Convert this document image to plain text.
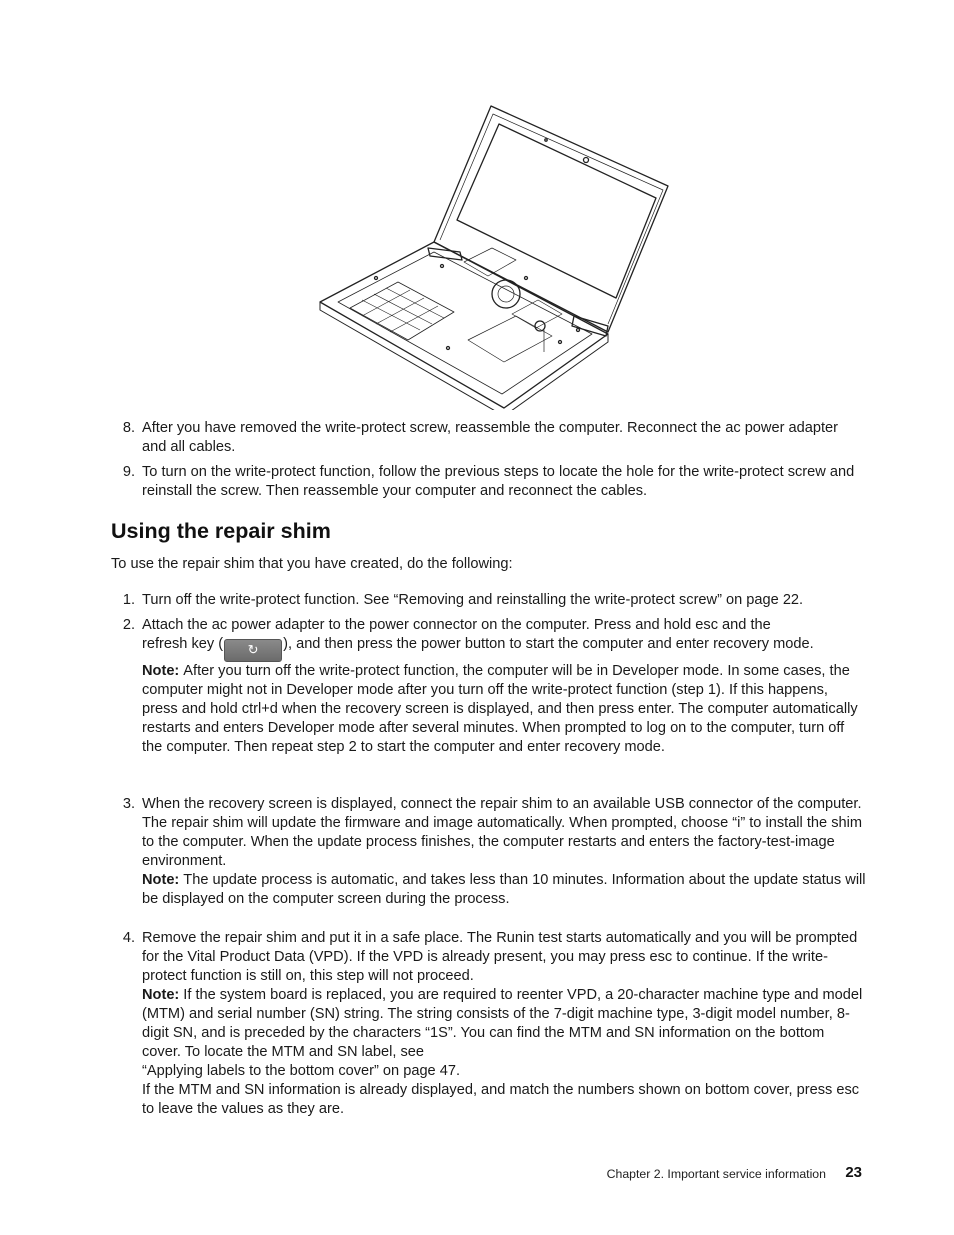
8. After you have removed the write-protect screw, reassemble the computer. Reconnect the ac power adapter and all cables.

9. To turn on the write-protect function, follow the previous steps to locate the hole for the write-protect screw and reinstall the screw. Then reassemble your computer and reconnect the cables.

Using the repair shim

To use the repair shim that you have created, do the following:

1. Turn off the write-protect function. See “Removing and reinstalling the write-protect screw” on page 22.

2. Attach the ac power adapter to the power connector on the computer. Press and hold esc and the

refresh key ( ↻ ), and then press the power button to start the computer and enter recovery mode.

Note: After you turn off the write-protect function, the computer will be in Developer mode. In some cases, the computer might not in Developer mode after you turn off the write-protect function (step 1). If this happens, press and hold ctrl+d when the recovery screen is displayed, and then press enter. The computer automatically restarts and enters Developer mode after several minutes. When prompted to log on to the computer, turn off the computer. Then repeat step 2 to start the computer and enter recovery mode.

3. When the recovery screen is displayed, connect the repair shim to an available USB connector of the computer. The repair shim will update the firmware and image automatically. When prompted, choose “i” to install the shim to the computer. When the update process finishes, the computer restarts and enters the factory-test-image environment.

Note: The update process is automatic, and takes less than 10 minutes. Information about the update status will be displayed on the computer screen during the process.

4. Remove the repair shim and put it in a safe place. The Runin test starts automatically and you will be prompted for the Vital Product Data (VPD). If the VPD is already present, you may press esc to continue. If the write-protect function is still on, this step will not proceed.

Note: If the system board is replaced, you are required to reenter VPD, a 20-character machine type and model (MTM) and serial number (SN) string. The string consists of the 7-digit machine type, 3-digit model number, 8-digit SN, and is preceded by the characters “1S”. You can find the MTM and SN information on the bottom cover. To locate the MTM and SN label, see

“Applying labels to the bottom cover” on page 47.

If the MTM and SN information is already displayed, and match the numbers shown on bottom cover, press esc to leave the values as they are.

Chapter 2. Important service information 23
